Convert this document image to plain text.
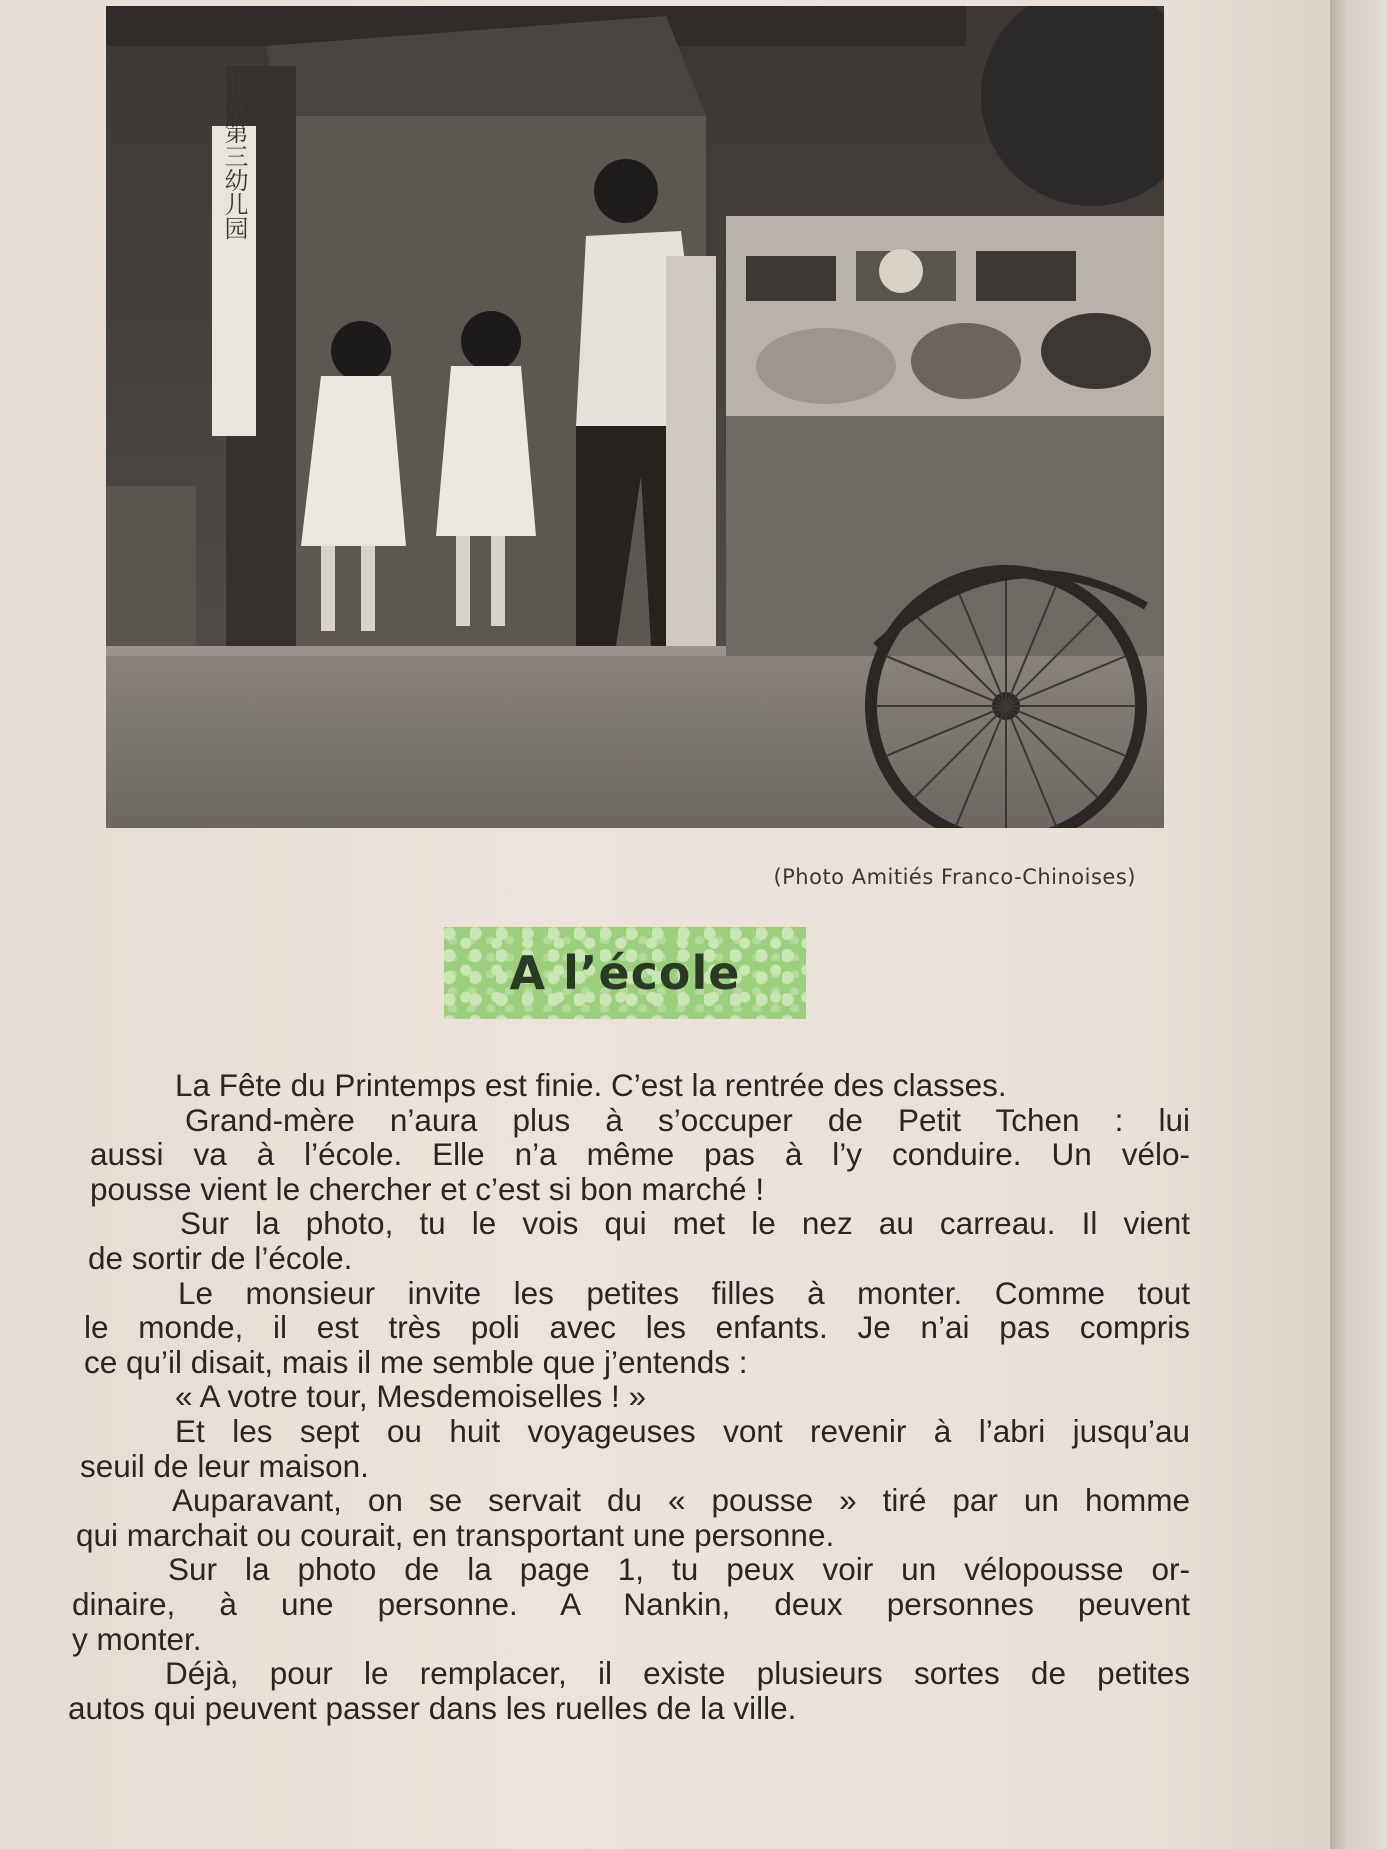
北京第三幼儿园
(Photo Amitiés Franco-Chinoises)
A l’école

La Fête du Printemps est finie. C’est la rentrée des classes.

Grand-mère n’aura plus à s’occuper de Petit Tchen : lui

aussi va à l’école. Elle n’a même pas à l’y conduire. Un vélo-

pousse vient le chercher et c’est si bon marché !

Sur la photo, tu le vois qui met le nez au carreau. Il vient

de sortir de l’école.

Le monsieur invite les petites filles à monter. Comme tout

le monde, il est très poli avec les enfants. Je n’ai pas compris

ce qu’il disait, mais il me semble que j’entends :

« A votre tour, Mesdemoiselles ! »

Et les sept ou huit voyageuses vont revenir à l’abri jusqu’au

seuil de leur maison.

Auparavant, on se servait du « pousse » tiré par un homme

qui marchait ou courait, en transportant une personne.

Sur la photo de la page 1, tu peux voir un vélopousse or-

dinaire, à une personne. A Nankin, deux personnes peuvent

y monter.

Déjà, pour le remplacer, il existe plusieurs sortes de petites

autos qui peuvent passer dans les ruelles de la ville.
